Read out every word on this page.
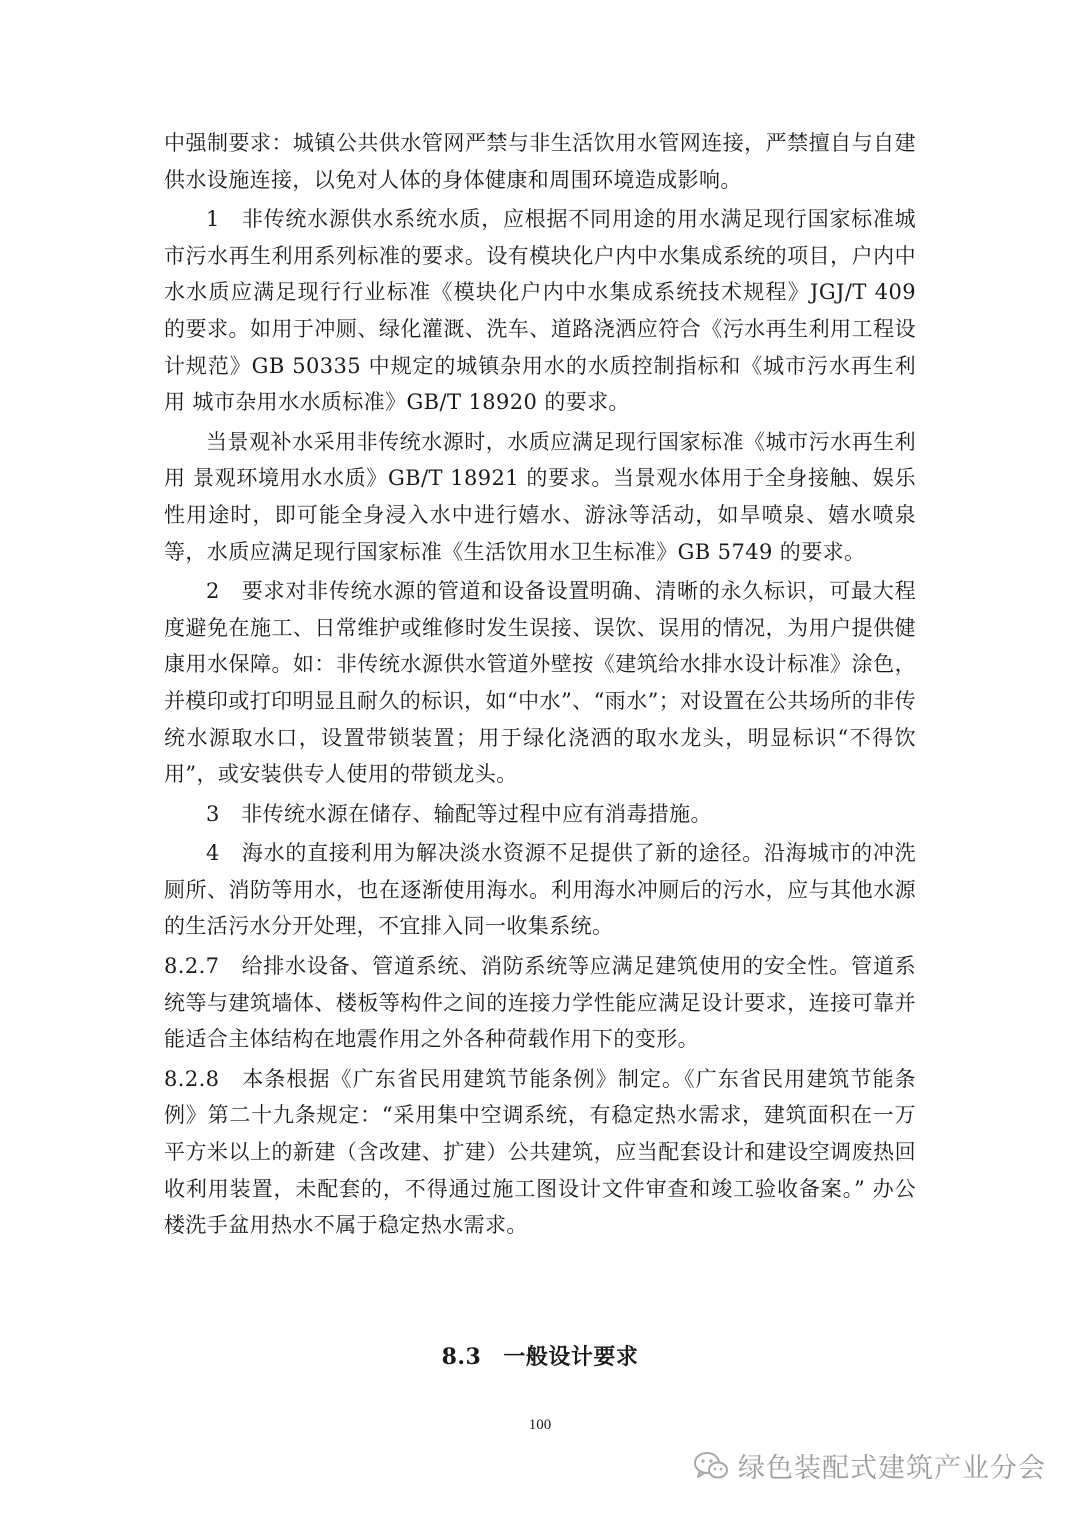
中强制要求：城镇公共供水管网严禁与非生活饮用水管网连接，严禁擅自与自建供水设施连接，以免对人体的身体健康和周围环境造成影响。

1　非传统水源供水系统水质，应根据不同用途的用水满足现行国家标准城市污水再生利用系列标准的要求。设有模块化户内中水集成系统的项目，户内中水水质应满足现行行业标准《模块化户内中水集成系统技术规程》JGJ/T 409 的要求。如用于冲厕、绿化灌溉、洗车、道路浇洒应符合《污水再生利用工程设计规范》GB 50335 中规定的城镇杂用水的水质控制指标和《城市污水再生利用 城市杂用水水质标准》GB/T 18920 的要求。

当景观补水采用非传统水源时，水质应满足现行国家标准《城市污水再生利用 景观环境用水水质》GB/T 18921 的要求。当景观水体用于全身接触、娱乐性用途时，即可能全身浸入水中进行嬉水、游泳等活动，如旱喷泉、嬉水喷泉等，水质应满足现行国家标准《生活饮用水卫生标准》GB 5749 的要求。

2　要求对非传统水源的管道和设备设置明确、清晰的永久标识，可最大程度避免在施工、日常维护或维修时发生误接、误饮、误用的情况，为用户提供健康用水保障。如：非传统水源供水管道外壁按《建筑给水排水设计标准》涂色，并模印或打印明显且耐久的标识，如“中水”、“雨水”；对设置在公共场所的非传统水源取水口，设置带锁装置；用于绿化浇洒的取水龙头，明显标识“不得饮用”，或安装供专人使用的带锁龙头。

3　非传统水源在储存、输配等过程中应有消毒措施。

4　海水的直接利用为解决淡水资源不足提供了新的途径。沿海城市的冲洗厕所、消防等用水，也在逐渐使用海水。利用海水冲厕后的污水，应与其他水源的生活污水分开处理，不宜排入同一收集系统。

8.2.7　给排水设备、管道系统、消防系统等应满足建筑使用的安全性。管道系统等与建筑墙体、楼板等构件之间的连接力学性能应满足设计要求，连接可靠并能适合主体结构在地震作用之外各种荷载作用下的变形。

8.2.8　本条根据《广东省民用建筑节能条例》制定。《广东省民用建筑节能条例》第二十九条规定：“采用集中空调系统，有稳定热水需求，建筑面积在一万平方米以上的新建（含改建、扩建）公共建筑，应当配套设计和建设空调废热回收利用装置，未配套的，不得通过施工图设计文件审查和竣工验收备案。” 办公楼洗手盆用热水不属于稳定热水需求。

8.3 一般设计要求
100
绿色装配式建筑产业分会
